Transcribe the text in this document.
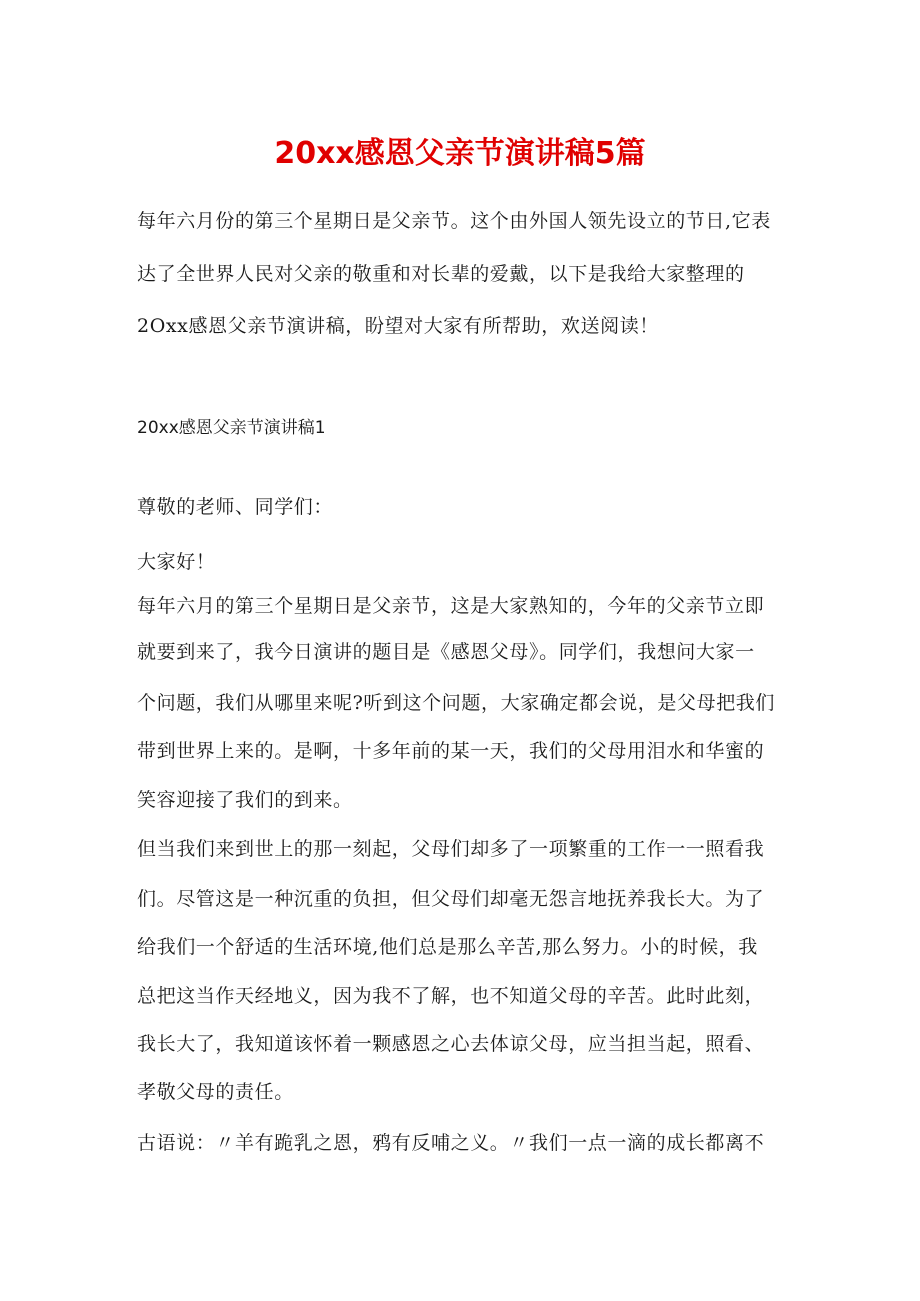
20xx感恩父亲节演讲稿5篇
每年六月份的第三个星期日是父亲节。这个由外国人领先设立的节日,它表
达了全世界人民对父亲的敬重和对长辈的爱戴，以下是我给大家整理的
2Oxx感恩父亲节演讲稿，盼望对大家有所帮助，欢送阅读！
20xx感恩父亲节演讲稿1
尊敬的老师、同学们：
大家好！
每年六月的第三个星期日是父亲节，这是大家熟知的，今年的父亲节立即
就要到来了，我今日演讲的题目是《感恩父母》。同学们，我想问大家一
个问题，我们从哪里来呢?听到这个问题，大家确定都会说，是父母把我们
带到世界上来的。是啊，十多年前的某一天，我们的父母用泪水和华蜜的
笑容迎接了我们的到来。
但当我们来到世上的那一刻起，父母们却多了一项繁重的工作一一照看我
们。尽管这是一种沉重的负担，但父母们却毫无怨言地抚养我长大。为了
给我们一个舒适的生活环境,他们总是那么辛苦,那么努力。小的时候，我
总把这当作天经地义，因为我不了解，也不知道父母的辛苦。此时此刻，
我长大了，我知道该怀着一颗感恩之心去体谅父母，应当担当起，照看、
孝敬父母的责任。
古语说：〃羊有跪乳之恩，鸦有反哺之义。〃我们一点一滴的成长都离不
